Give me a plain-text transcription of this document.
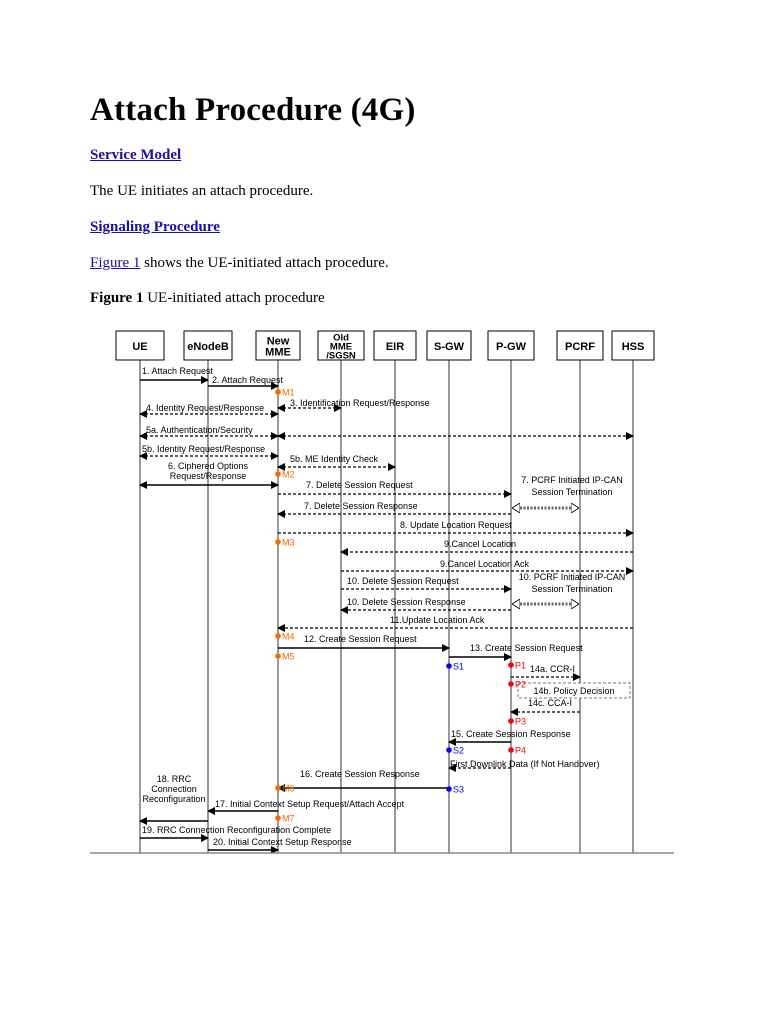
Attach Procedure (4G)
Service Model
The UE initiates an attach procedure.
Signaling Procedure
Figure 1 shows the UE-initiated attach procedure.
Figure 1 UE-initiated attach procedure
UE	eNodeB	New
MME
Old
MME
/SGSN
EIR	S-GW	P-GW	PCRF HSS
1. Attach Request
2. Attach Request
3. Identification Request/Response
4. Identity Request/Response
5a. Authentication/Security
5b. Identity Request/Response
5b. ME Identity Check
6. Ciphered Options
Request/Response
7. Delete Session Request
7. Delete Session Response
8. Update Location Request
9.Cancel Location
9.Cancel Location Ack
10. Delete Session Request
10. Delete Session Response
11.Update Location Ack
12. Create Session Request
13. Create Session Request
14a. CCR-I
14c. CCA-I
15. Create Session Response
First Downlink Data (If Not Handover)
16. Create Session Response
17. Initial Context Setup Request/Attach Accept
18. RRC
Connection
Reconfiguration
19. RRC Connection Reconfiguration Complete
20. Initial Context Setup Response
7. PCRF Initiated IP-CAN
Session Termination
10. PCRF Initiated IP-CAN
Session Termination
14b. Policy Decision
M1
M2
M3
M4
M5
S1	P1
P2
P3
S2	P4
S3
M6
M7
